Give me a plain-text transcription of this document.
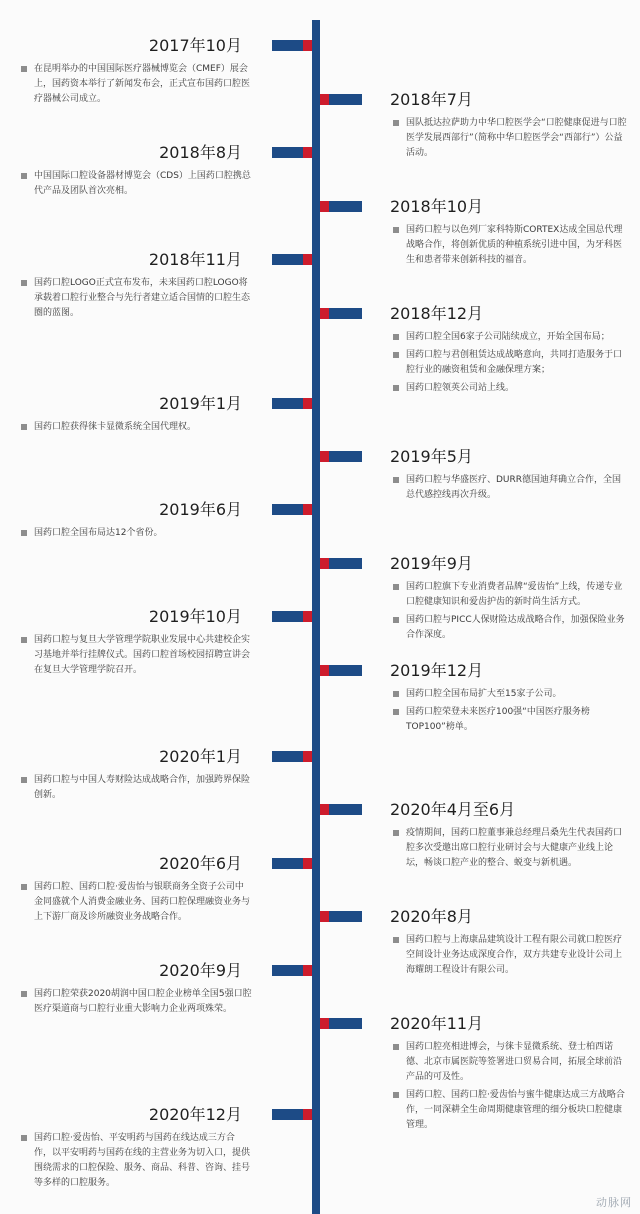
2017年10月
在昆明举办的中国国际医疗器械博览会（CMEF）展会上，国药资本举行了新闻发布会，正式宣布国药口腔医疗器械公司成立。	2018年7月
国队抵达拉萨助力中华口腔医学会“口腔健康促进与口腔医学发展西部行”（简称中华口腔医学会“西部行”）公益活动。
2018年8月
中国国际口腔设备器材博览会（CDS）上国药口腔携总代产品及团队首次亮相。
2018年10月
国药口腔与以色列厂家科特斯CORTEX达成全国总代理战略合作，将创新优质的种植系统引进中国，为牙科医生和患者带来创新科技的福音。
2018年11月
国药口腔LOGO正式宣布发布，未来国药口腔LOGO将承载着口腔行业整合与先行者建立适合国情的口腔生态圈的蓝图。	2018年12月
国药口腔全国6家子公司陆续成立，开始全国布局；
国药口腔与君创租赁达成战略意向，共同打造服务于口腔行业的融资租赁和金融保理方案；
国药口腔领英公司站上线。
2019年1月
国药口腔获得徕卡显微系统全国代理权。
2019年5月
国药口腔与华盛医疗、DURR德国迪拜确立合作，全国总代感控线再次升级。
2019年6月
国药口腔全国布局达12个省份。
2019年9月
国药口腔旗下专业消费者品牌“爱齿怡”上线，传递专业口腔健康知识和爱齿护齿的新时尚生活方式。
国药口腔与PICC人保财险达成战略合作，加强保险业务合作深度。
2019年10月
国药口腔与复旦大学管理学院职业发展中心共建校企实习基地并举行挂牌仪式。国药口腔首场校园招聘宣讲会在复旦大学管理学院召开。	2019年12月
国药口腔全国布局扩大至15家子公司。
国药口腔荣登未来医疗100强“中国医疗服务榜TOP100”榜单。
2020年1月
国药口腔与中国人寿财险达成战略合作，加强跨界保险创新。
2020年4月至6月
疫情期间，国药口腔董事兼总经理吕桑先生代表国药口腔多次受邀出席口腔行业研讨会与大健康产业线上论坛，畅谈口腔产业的整合、蜕变与新机遇。
2020年6月
国药口腔、国药口腔·爱齿怡与银联商务全资子公司中金同盛就个人消费金融业务、国药口腔保理融资业务与上下游厂商及诊所融资业务战略合作。	2020年8月
国药口腔与上海康品建筑设计工程有限公司就口腔医疗空间设计业务达成深度合作，双方共建专业设计公司上海耀朗工程设计有限公司。
2020年9月
国药口腔荣获2020胡润中国口腔企业榜单全国5强口腔医疗渠道商与口腔行业重大影响力企业两项殊荣。
2020年11月
国药口腔亮相进博会，与徕卡显微系统、登士柏西诺德、北京市属医院等签署进口贸易合同，拓展全球前沿产品的可及性。
国药口腔、国药口腔·爱齿怡与蜜牛健康达成三方战略合作，一同深耕全生命周期健康管理的细分板块口腔健康管理。
2020年12月
国药口腔·爱齿怡、平安明药与国药在线达成三方合作，以平安明药与国药在线的主营业务为切入口，提供围绕需求的口腔保险、服务、商品、科普、咨询、挂号等多样的口腔服务。
动脉网
